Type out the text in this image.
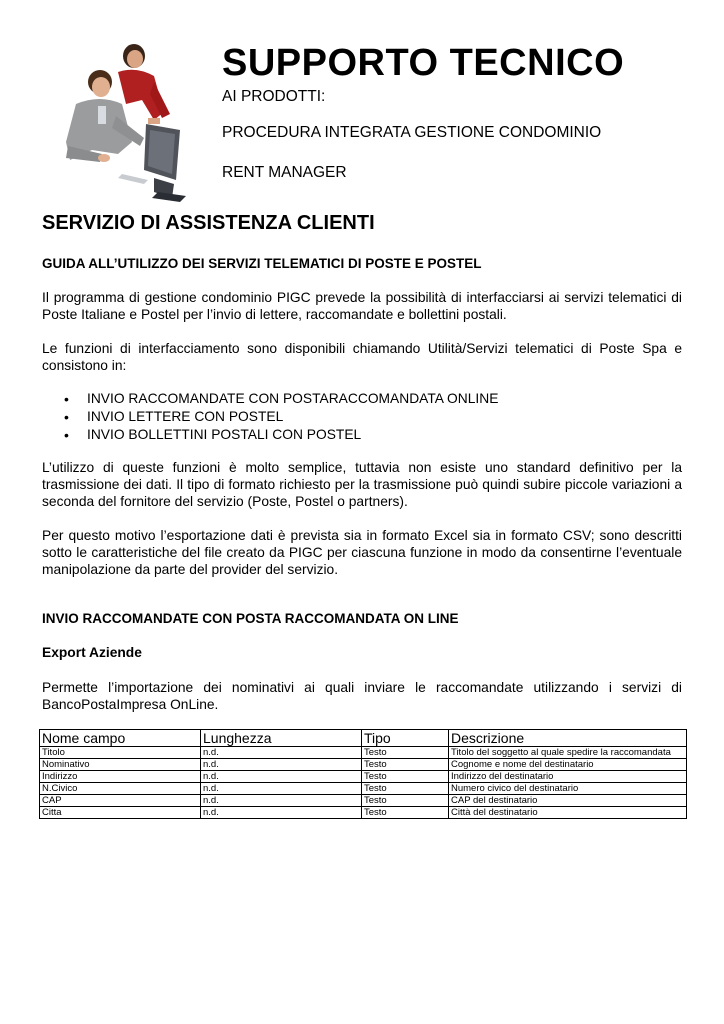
SUPPORTO TECNICO
AI PRODOTTI:
PROCEDURA INTEGRATA GESTIONE CONDOMINIO
RENT MANAGER
SERVIZIO DI ASSISTENZA CLIENTI
GUIDA ALL’UTILIZZO DEI SERVIZI TELEMATICI DI POSTE E POSTEL
Il programma di gestione condominio PIGC prevede la possibilità di interfacciarsi ai servizi telematici di Poste Italiane e Postel per l’invio di lettere, raccomandate e bollettini postali.
Le funzioni di interfacciamento sono disponibili chiamando Utilità/Servizi telematici di Poste Spa e consistono in:
• INVIO RACCOMANDATE CON POSTARACCOMANDATA ONLINE
• INVIO LETTERE CON POSTEL
• INVIO BOLLETTINI POSTALI CON POSTEL
L’utilizzo di queste funzioni è molto semplice, tuttavia non esiste uno standard definitivo per la trasmissione dei dati. Il tipo di formato richiesto per la trasmissione può quindi subire piccole variazioni a seconda del fornitore del servizio (Poste, Postel o partners).
Per questo motivo l’esportazione dati è prevista sia in formato Excel sia in formato CSV; sono descritti sotto le caratteristiche del file creato da PIGC per ciascuna funzione in modo da consentirne l’eventuale manipolazione da parte del provider del servizio.
INVIO RACCOMANDATE CON POSTA RACCOMANDATA ON LINE
Export Aziende
Permette l’importazione dei nominativi ai quali inviare le raccomandate utilizzando i servizi di BancoPostaImpresa OnLine.
Nome campo	Lunghezza	Tipo	Descrizione
Titolo	n.d.	Testo	Titolo del soggetto al quale spedire la raccomandata
Nominativo	n.d.	Testo	Cognome e nome del destinatario
Indirizzo	n.d.	Testo	Indirizzo del destinatario
N.Civico	n.d.	Testo	Numero civico del destinatario
CAP	n.d.	Testo	CAP del destinatario
Citta	n.d.	Testo	Città del destinatario
